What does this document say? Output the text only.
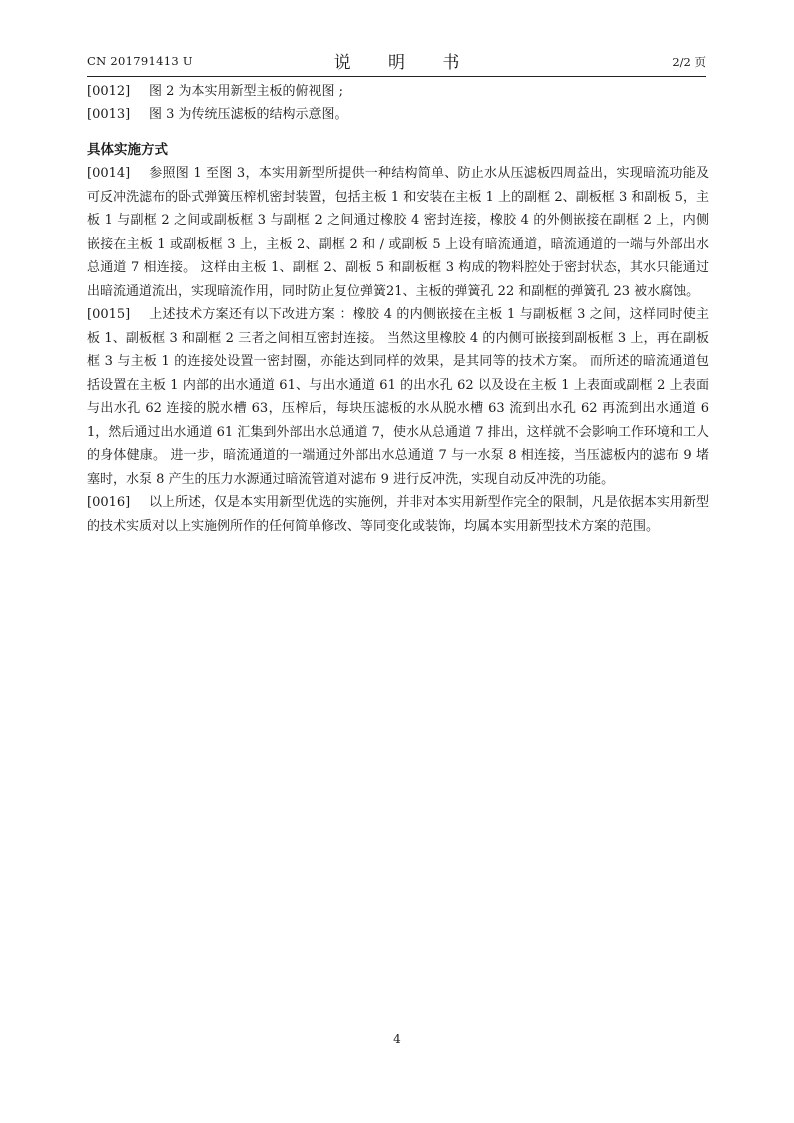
CN 201791413 U	说 明 书	2/2 页
[0012] 图 2 为本实用新型主板的俯视图 ;
[0013] 图 3 为传统压滤板的结构示意图。
具体实施方式
[0014] 参照图 1 至图 3，本实用新型所提供一种结构简单、防止水从压滤板四周益出，实现暗流功能及可反冲洗滤布的卧式弹簧压榨机密封装置，包括主板 1 和安装在主板 1 上的副框 2、副板框 3 和副板 5，主板 1 与副框 2 之间或副板框 3 与副框 2 之间通过橡胶 4 密封连接，橡胶 4 的外侧嵌接在副框 2 上，内侧嵌接在主板 1 或副板框 3 上，主板 2、副框 2 和 / 或副板 5 上设有暗流通道，暗流通道的一端与外部出水总通道 7 相连接。 这样由主板 1、副框 2、副板 5 和副板框 3 构成的物料腔处于密封状态，其水只能通过出暗流通道流出，实现暗流作用，同时防止复位弹簧21、主板的弹簧孔 22 和副框的弹簧孔 23 被水腐蚀。
[0015] 上述技术方案还有以下改进方案 ：橡胶 4 的内侧嵌接在主板 1 与副板框 3 之间，这样同时使主板 1、副板框 3 和副框 2 三者之间相互密封连接。 当然这里橡胶 4 的内侧可嵌接到副板框 3 上，再在副板框 3 与主板 1 的连接处设置一密封圈，亦能达到同样的效果，是其同等的技术方案。 而所述的暗流通道包括设置在主板 1 内部的出水通道 61、与出水通道 61 的出水孔 62 以及设在主板 1 上表面或副框 2 上表面与出水孔 62 连接的脱水槽 63，压榨后，每块压滤板的水从脱水槽 63 流到出水孔 62 再流到出水通道 61，然后通过出水通道 61 汇集到外部出水总通道 7，使水从总通道 7 排出，这样就不会影响工作环境和工人的身体健康。 进一步，暗流通道的一端通过外部出水总通道 7 与一水泵 8 相连接，当压滤板内的滤布 9 堵塞时，水泵 8 产生的压力水源通过暗流管道对滤布 9 进行反冲洗，实现自动反冲洗的功能。
[0016] 以上所述，仅是本实用新型优选的实施例，并非对本实用新型作完全的限制，凡是依据本实用新型的技术实质对以上实施例所作的任何简单修改、等同变化或装饰，均属本实用新型技术方案的范围。
4
